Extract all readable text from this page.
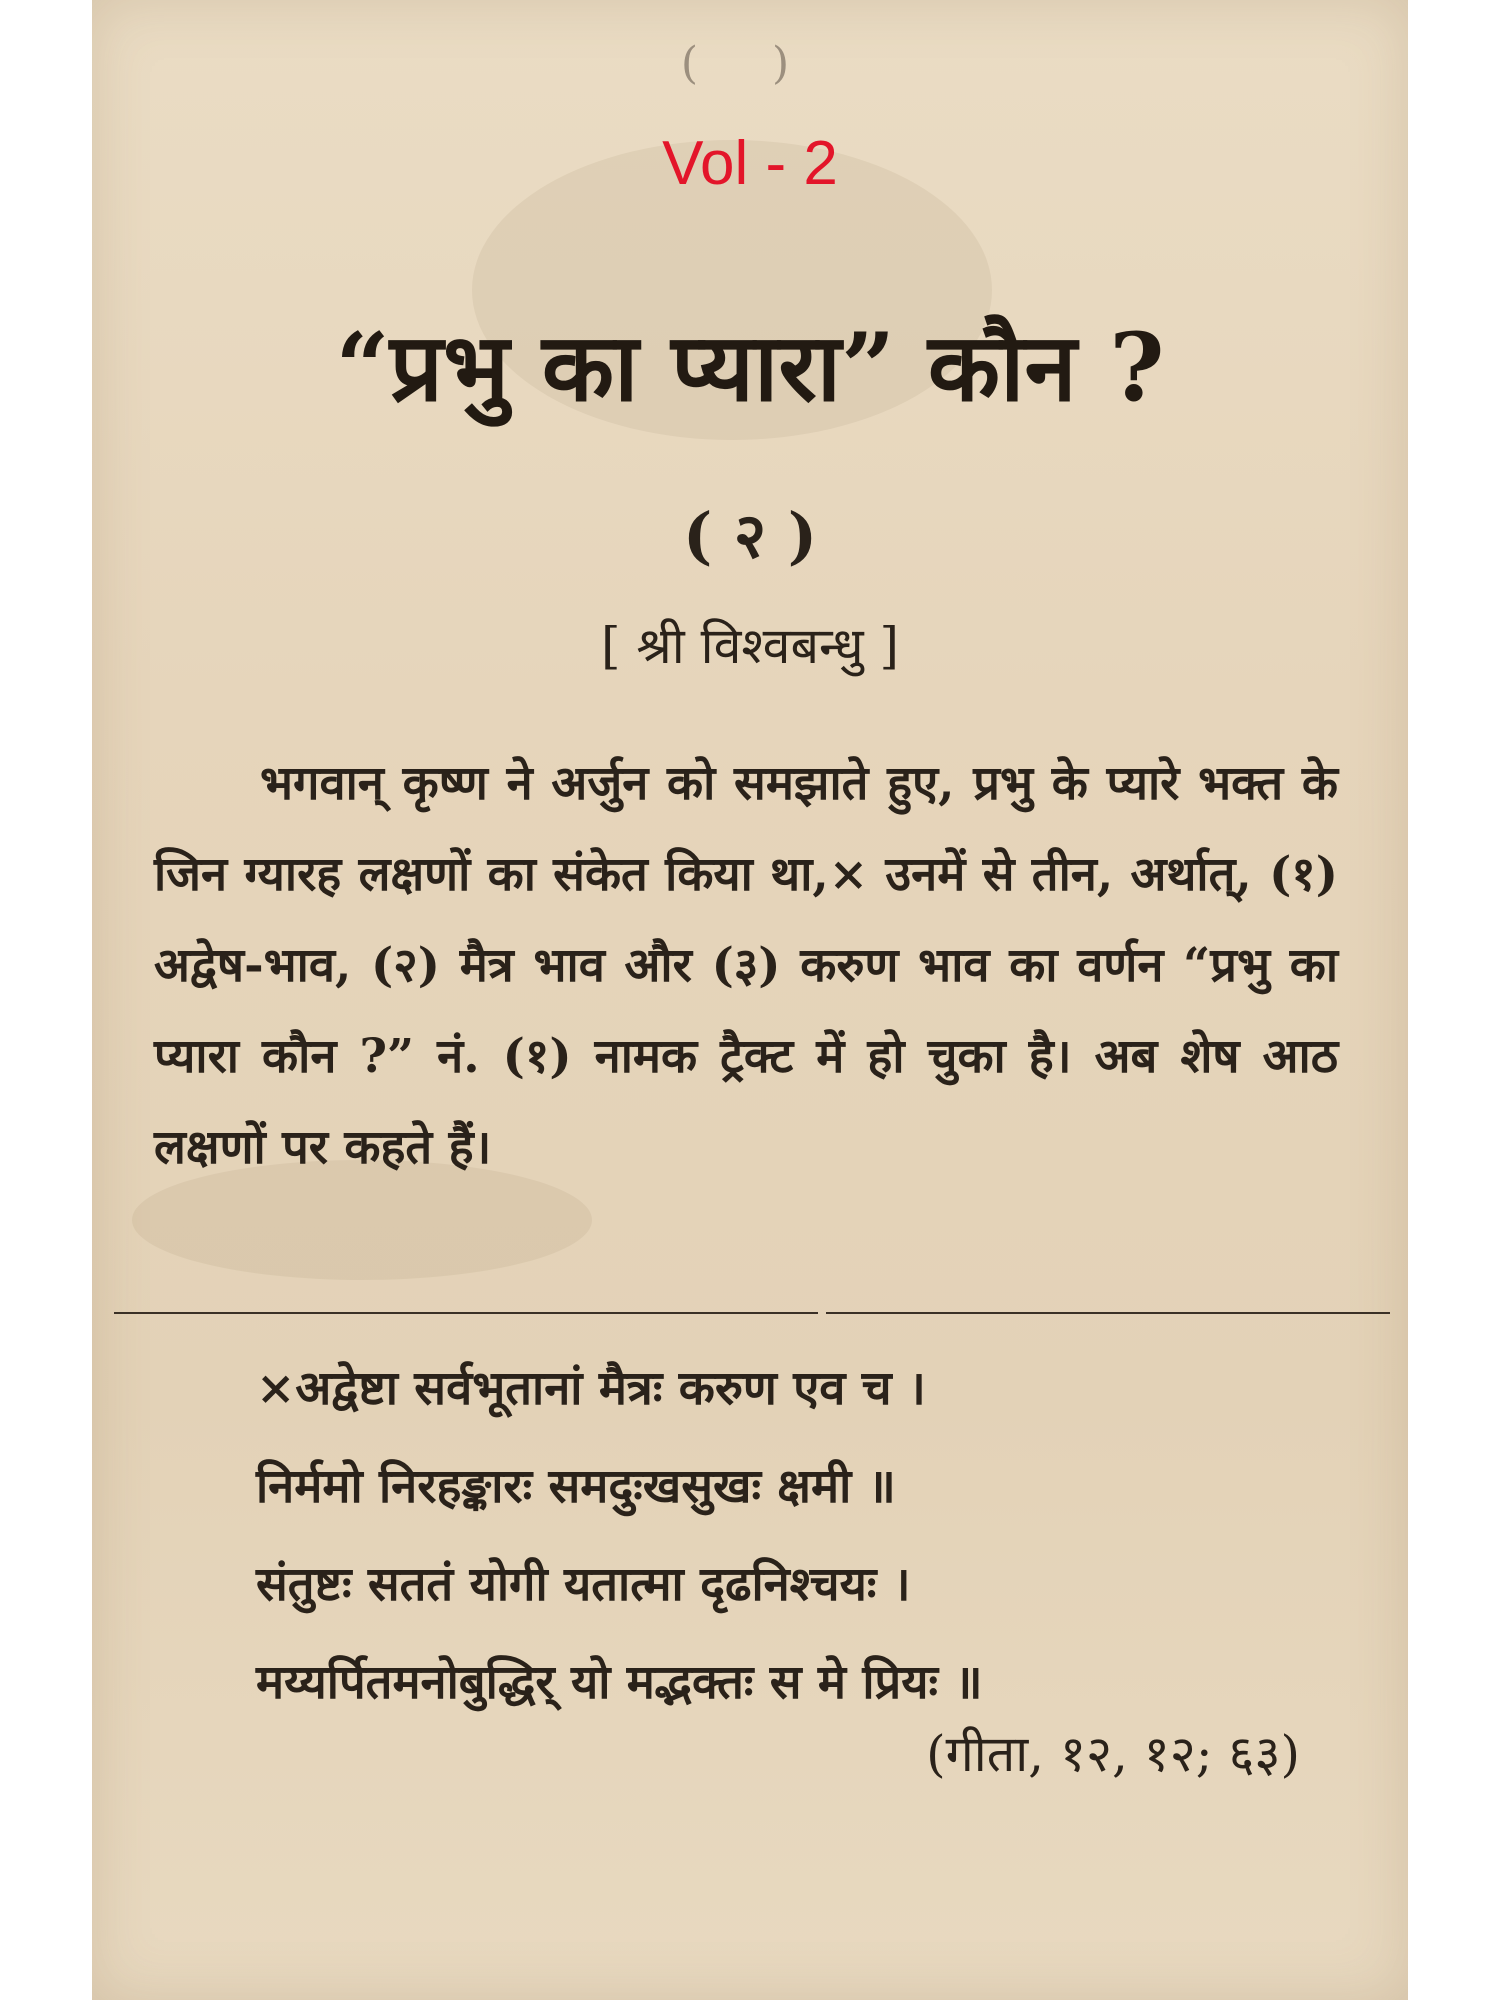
( )
Vol - 2
“प्रभु का प्यारा” कौन ?
( २ )
[ श्री विश्वबन्धु ]
भगवान् कृष्ण ने अर्जुन को समझाते हुए, प्रभु के प्यारे भक्त के जिन ग्यारह लक्षणों का संकेत किया था,× उनमें से तीन, अर्थात्, (१) अद्वेष-भाव, (२) मैत्र भाव और (३) करुण भाव का वर्णन “प्रभु का प्यारा कौन ?” नं. (१) नामक ट्रैक्ट में हो चुका है। अब शेष आठ लक्षणों पर कहते हैं।
×अद्वेष्टा सर्वभूतानां मैत्रः करुण एव च ।
निर्ममो निरहङ्कारः समदुःखसुखः क्षमी ॥
संतुष्टः सततं योगी यतात्मा दृढनिश्चयः ।
मय्यर्पितमनोबुद्धिर् यो मद्भक्तः स मे प्रियः ॥
(गीता, १२, १२; ६३)
